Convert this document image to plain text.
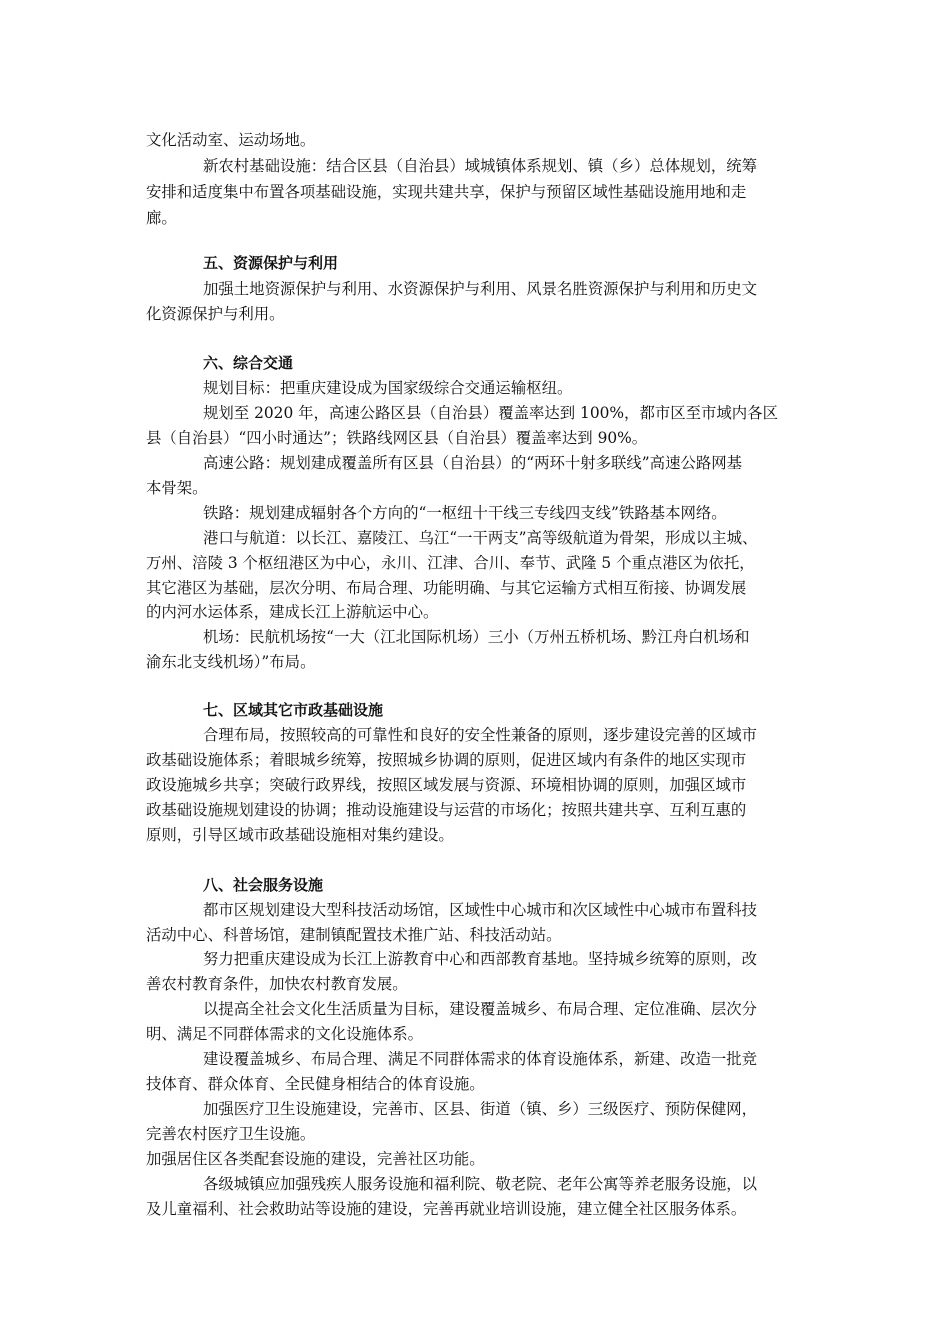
文化活动室、运动场地。
新农村基础设施：结合区县（自治县）域城镇体系规划、镇（乡）总体规划，统筹
安排和适度集中布置各项基础设施，实现共建共享，保护与预留区域性基础设施用地和走
廊。
五、资源保护与利用
加强土地资源保护与利用、水资源保护与利用、风景名胜资源保护与利用和历史文
化资源保护与利用。
六、综合交通
规划目标：把重庆建设成为国家级综合交通运输枢纽。
规划至 2020 年，高速公路区县（自治县）覆盖率达到 100%，都市区至市域内各区
县（自治县）“四小时通达”；铁路线网区县（自治县）覆盖率达到 90%。
高速公路：规划建成覆盖所有区县（自治县）的“两环十射多联线”高速公路网基
本骨架。
铁路：规划建成辐射各个方向的“一枢纽十干线三专线四支线”铁路基本网络。
港口与航道：以长江、嘉陵江、乌江“一干两支”高等级航道为骨架，形成以主城、
万州、涪陵 3 个枢纽港区为中心，永川、江津、合川、奉节、武隆 5 个重点港区为依托，
其它港区为基础，层次分明、布局合理、功能明确、与其它运输方式相互衔接、协调发展
的内河水运体系，建成长江上游航运中心。
机场：民航机场按“一大（江北国际机场）三小（万州五桥机场、黔江舟白机场和
渝东北支线机场）”布局。
七、区域其它市政基础设施
合理布局，按照较高的可靠性和良好的安全性兼备的原则，逐步建设完善的区域市
政基础设施体系；着眼城乡统筹，按照城乡协调的原则，促进区域内有条件的地区实现市
政设施城乡共享；突破行政界线，按照区域发展与资源、环境相协调的原则，加强区域市
政基础设施规划建设的协调；推动设施建设与运营的市场化；按照共建共享、互利互惠的
原则，引导区域市政基础设施相对集约建设。
八、社会服务设施
都市区规划建设大型科技活动场馆，区域性中心城市和次区域性中心城市布置科技
活动中心、科普场馆，建制镇配置技术推广站、科技活动站。
努力把重庆建设成为长江上游教育中心和西部教育基地。坚持城乡统筹的原则，改
善农村教育条件，加快农村教育发展。
以提高全社会文化生活质量为目标，建设覆盖城乡、布局合理、定位准确、层次分
明、满足不同群体需求的文化设施体系。
建设覆盖城乡、布局合理、满足不同群体需求的体育设施体系，新建、改造一批竞
技体育、群众体育、全民健身相结合的体育设施。
加强医疗卫生设施建设，完善市、区县、街道（镇、乡）三级医疗、预防保健网，
完善农村医疗卫生设施。
加强居住区各类配套设施的建设，完善社区功能。
各级城镇应加强残疾人服务设施和福利院、敬老院、老年公寓等养老服务设施，以
及儿童福利、社会救助站等设施的建设，完善再就业培训设施，建立健全社区服务体系。
